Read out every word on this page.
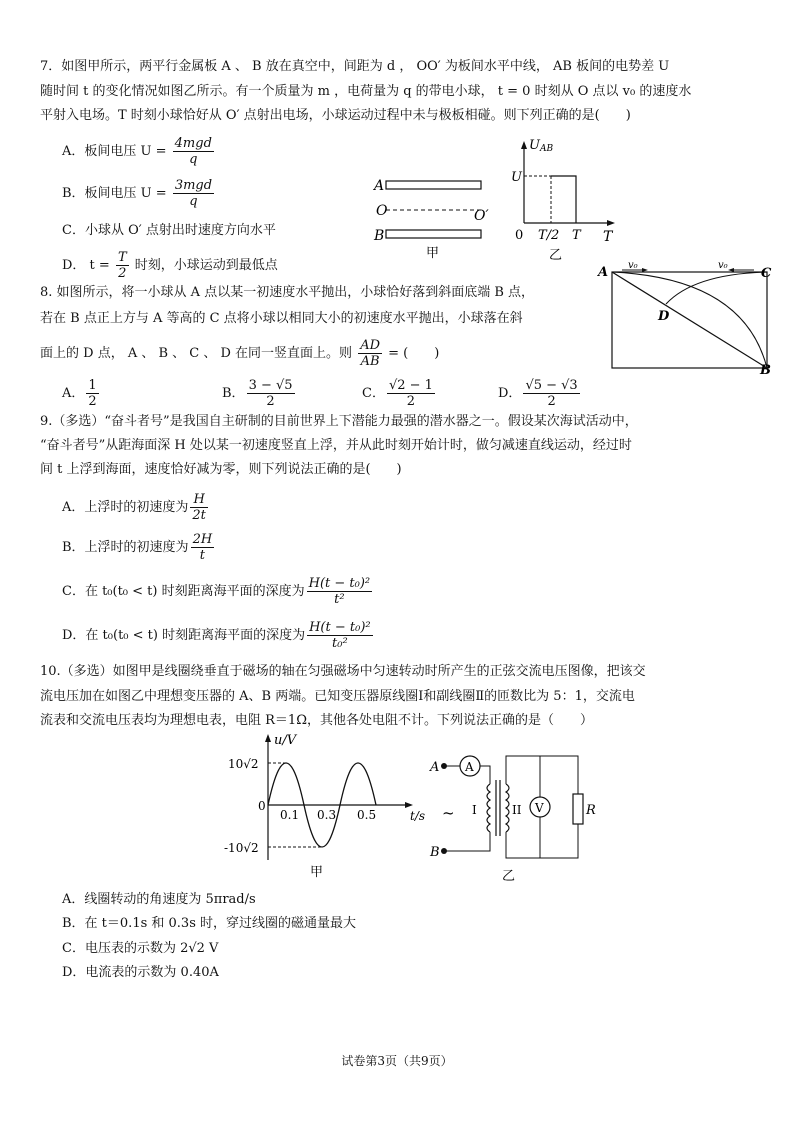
7．如图甲所示，两平行金属板 A 、 B 放在真空中，间距为 d ， OO′ 为板间水平中线， AB 板间的电势差 U
随时间 t 的变化情况如图乙所示。有一个质量为 m ，电荷量为 q 的带电小球， t = 0 时刻从 O 点以 v₀ 的速度水
平射入电场。T 时刻小球恰好从 O′ 点射出电场，小球运动过程中未与极板相碰。则下列正确的是(　　)
A．板间电压 $U = \frac{\text{4mgd}}{q}$
B．板间电压 $U = \frac{\text{3mgd}}{q}$
C．小球从 O′ 点射出时速度方向水平
D． $t = \frac{T}{2}$ 时刻，小球运动到最低点
A
O	O′
B
甲
UAB
U
0 T/2 T T
乙
8. 如图所示，将一小球从 A 点以某一初速度水平抛出，小球恰好落到斜面底端 B 点，
若在 B 点正上方与 A 等高的 C 点将小球以相同大小的初速度水平抛出，小球落在斜
面上的 D 点， A 、 B 、 C 、 D 在同一竖直面上。则 $\frac{AD}{AB}$ = (　　)
A． $\frac{1}{2}$	B． $\frac{3 - √5}{2}$	C． $\frac{√2 - 1}{2}$	D． $\frac{√5 - √3}{2}$
A	C
D
B
v₀	v₀
9.（多选）“奋斗者号”是我国自主研制的目前世界上下潜能力最强的潜水器之一。假设某次海试活动中，
“奋斗者号”从距海面深 H 处以某一初速度竖直上浮，并从此时刻开始计时，做匀减速直线运动，经过时
间 t 上浮到海面，速度恰好减为零，则下列说法正确的是(　　)
A．上浮时的初速度为 $\frac{H}{2t}$
B．上浮时的初速度为 $\frac{2H}{t}$
C．在 t₀(t₀ < t) 时刻距离海平面的深度为 $\frac{\text{H(t − t₀)²}}{\text{t²}}$
D．在 t₀(t₀ < t) 时刻距离海平面的深度为 $\frac{\text{H(t − t₀)²}}{\text{t₀²}}$
10.（多选）如图甲是线圈绕垂直于磁场的轴在匀强磁场中匀速转动时所产生的正弦交流电压图像，把该交
流电压加在如图乙中理想变压器的 A、B 两端。已知变压器原线圈Ⅰ和副线圈Ⅱ的匝数比为 5：1，交流电
流表和交流电压表均为理想电表，电阻 R＝1Ω，其他各处电阻不计。下列说法正确的是（　　）
u/V
10√2
0
-10√2
0.1 0.3 0.5	t/s
甲
A
B
A
I	II
~	V	R
乙
A．线圈转动的角速度为 5πrad/s
B．在 t＝0.1s 和 0.3s 时，穿过线圈的磁通量最大
C．电压表的示数为 2√2 V
D．电流表的示数为 0.40A
试卷第3页（共9页）
